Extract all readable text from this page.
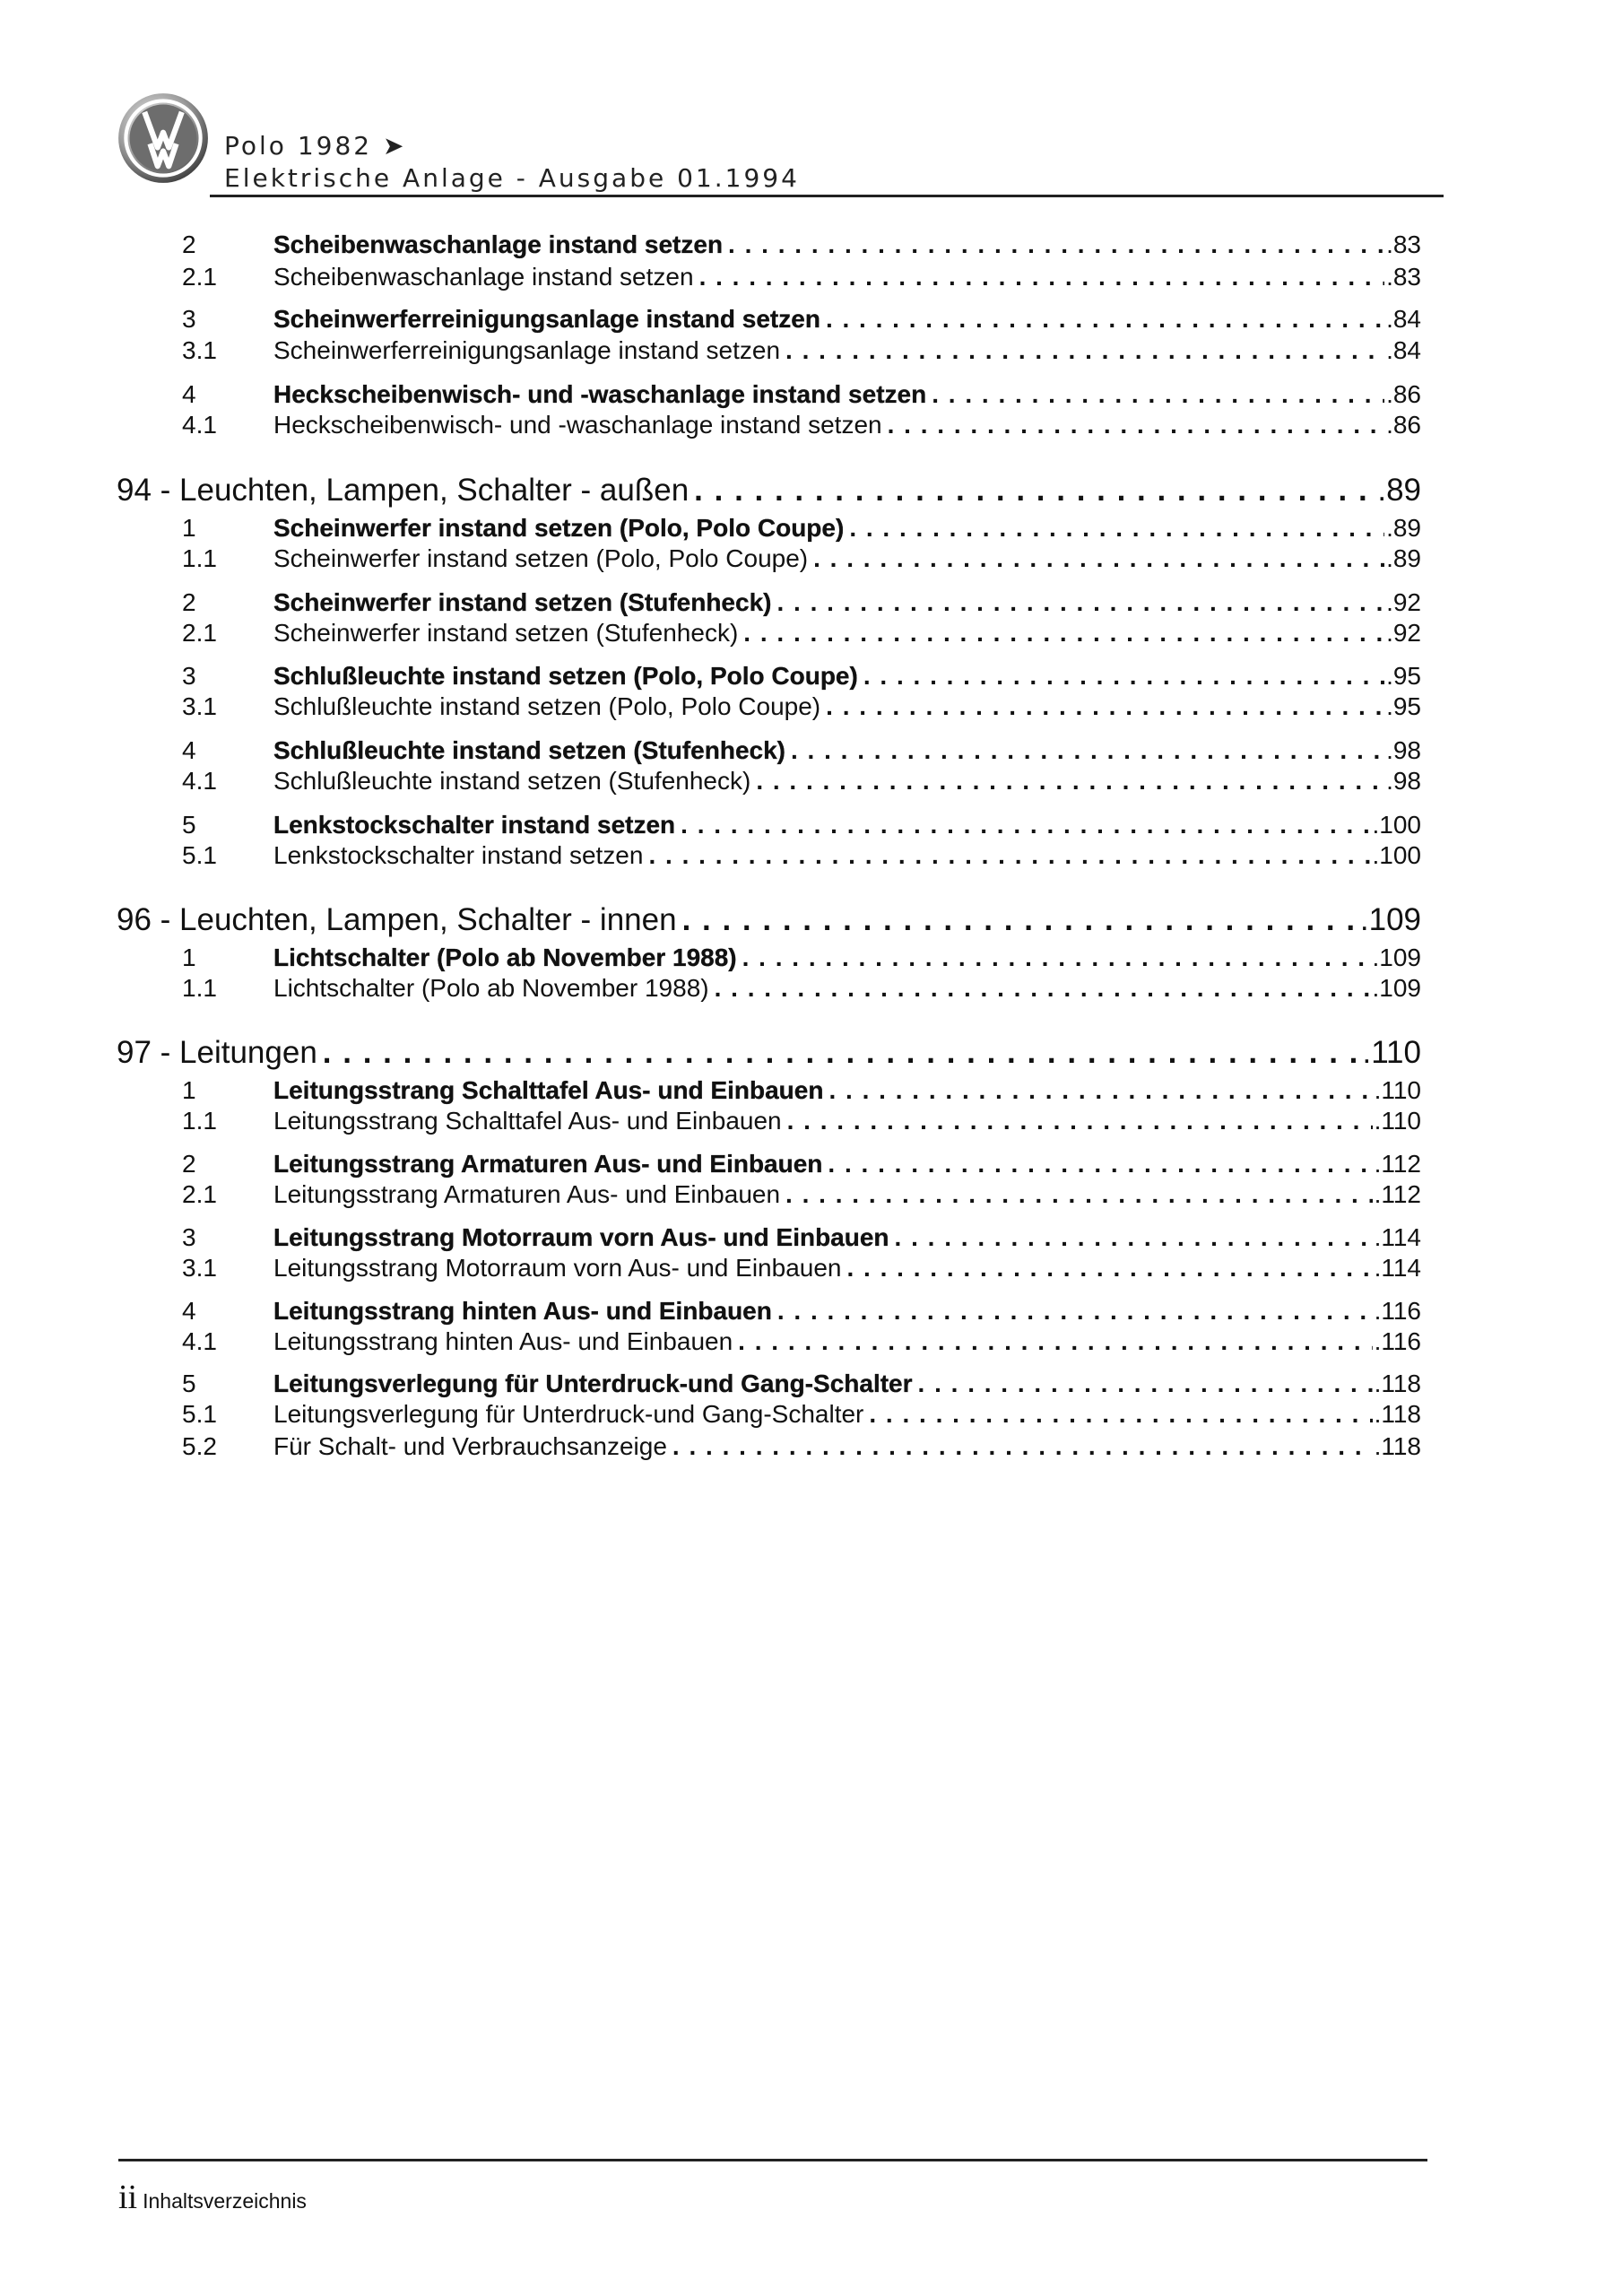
Polo 1982 ➤
Elektrische Anlage - Ausgabe 01.1994
2	Scheibenwaschanlage instand setzen . . .	.83
2.1	Scheibenwaschanlage instand setzen . . .	.83
3	Scheinwerferreinigungsanlage instand setzen . . .	.84
3.1	Scheinwerferreinigungsanlage instand setzen . . .	.84
4	Heckscheibenwisch- und -waschanlage instand setzen . . .	.86
4.1	Heckscheibenwisch- und -waschanlage instand setzen . . .	.86
94 - Leuchten, Lampen, Schalter - außen . . .	.89
1	Scheinwerfer instand setzen (Polo, Polo Coupe) . . .	.89
1.1	Scheinwerfer instand setzen (Polo, Polo Coupe) . . .	.89
2	Scheinwerfer instand setzen (Stufenheck) . . .	.92
2.1	Scheinwerfer instand setzen (Stufenheck) . . .	.92
3	Schlußleuchte instand setzen (Polo, Polo Coupe) . . .	.95
3.1	Schlußleuchte instand setzen (Polo, Polo Coupe) . . .	.95
4	Schlußleuchte instand setzen (Stufenheck) . . .	.98
4.1	Schlußleuchte instand setzen (Stufenheck) . . .	.98
5	Lenkstockschalter instand setzen . . .	.100
5.1	Lenkstockschalter instand setzen . . .	.100
96 - Leuchten, Lampen, Schalter - innen . . .	.109
1	Lichtschalter (Polo ab November 1988) . . .	.109
1.1	Lichtschalter (Polo ab November 1988) . . .	.109
97 - Leitungen . . .	.110
1	Leitungsstrang Schalttafel Aus- und Einbauen . . .	.110
1.1	Leitungsstrang Schalttafel Aus- und Einbauen . . .	.110
2	Leitungsstrang Armaturen Aus- und Einbauen . . .	.112
2.1	Leitungsstrang Armaturen Aus- und Einbauen . . .	.112
3	Leitungsstrang Motorraum vorn Aus- und Einbauen . . .	.114
3.1	Leitungsstrang Motorraum vorn Aus- und Einbauen . . .	.114
4	Leitungsstrang hinten Aus- und Einbauen . . .	.116
4.1	Leitungsstrang hinten Aus- und Einbauen . . .	.116
5	Leitungsverlegung für Unterdruck-und Gang-Schalter . . .	.118
5.1	Leitungsverlegung für Unterdruck-und Gang-Schalter . . .	.118
5.2	Für Schalt- und Verbrauchsanzeige . . .	.118
ii Inhaltsverzeichnis
